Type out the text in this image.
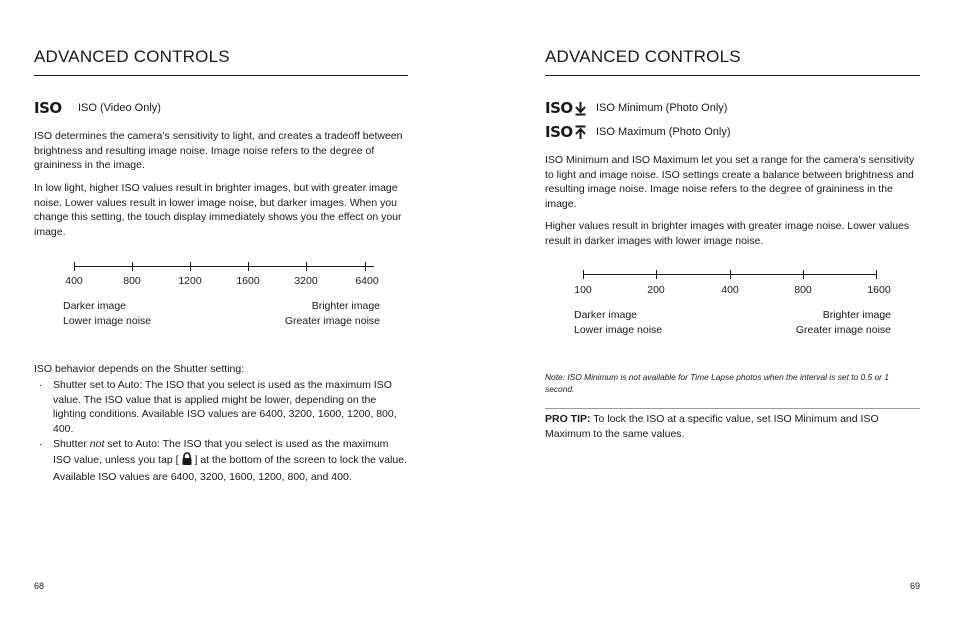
ADVANCED CONTROLS
ISO ISO (Video Only)

ISO determines the camera’s sensitivity to light, and creates a tradeoff between brightness and resulting image noise. Image noise refers to the degree of graininess in the image.

In low light, higher ISO values result in brighter images, but with greater image noise. Lower values result in lower image noise, but darker images. When you change this setting, the touch display immediately shows you the effect on your image.

400	800	1200	1600	3200	6400
Darker image
Lower image noise
Brighter image
Greater image noise

ISO behavior depends on the Shutter setting:

· Shutter set to Auto: The ISO that you select is used as the maximum ISO value. The ISO value that is applied might be lower, depending on the lighting conditions. Available ISO values are 6400, 3200, 1600, 1200, 800, 400.
· Shutter not set to Auto: The ISO that you select is used as the maximum ISO value, unless you tap [ ] at the bottom of the screen to lock the value. Available ISO values are 6400, 3200, 1600, 1200, 800, and 400.
68
ADVANCED CONTROLS
ISO ISO Minimum (Photo Only)
ISO ISO Maximum (Photo Only)

ISO Minimum and ISO Maximum let you set a range for the camera’s sensitivity to light and image noise. ISO settings create a balance between brightness and resulting image noise. Image noise refers to the degree of graininess in the image.

Higher values result in brighter images with greater image noise. Lower values result in darker images with lower image noise.

100	200	400	800	1600
Darker image
Lower image noise
Brighter image
Greater image noise

Note: ISO Minimum is not available for Time Lapse photos when the interval is set to 0.5 or 1 second.

PRO TIP: To lock the ISO at a specific value, set ISO Minimum and ISO Maximum to the same values.

69
